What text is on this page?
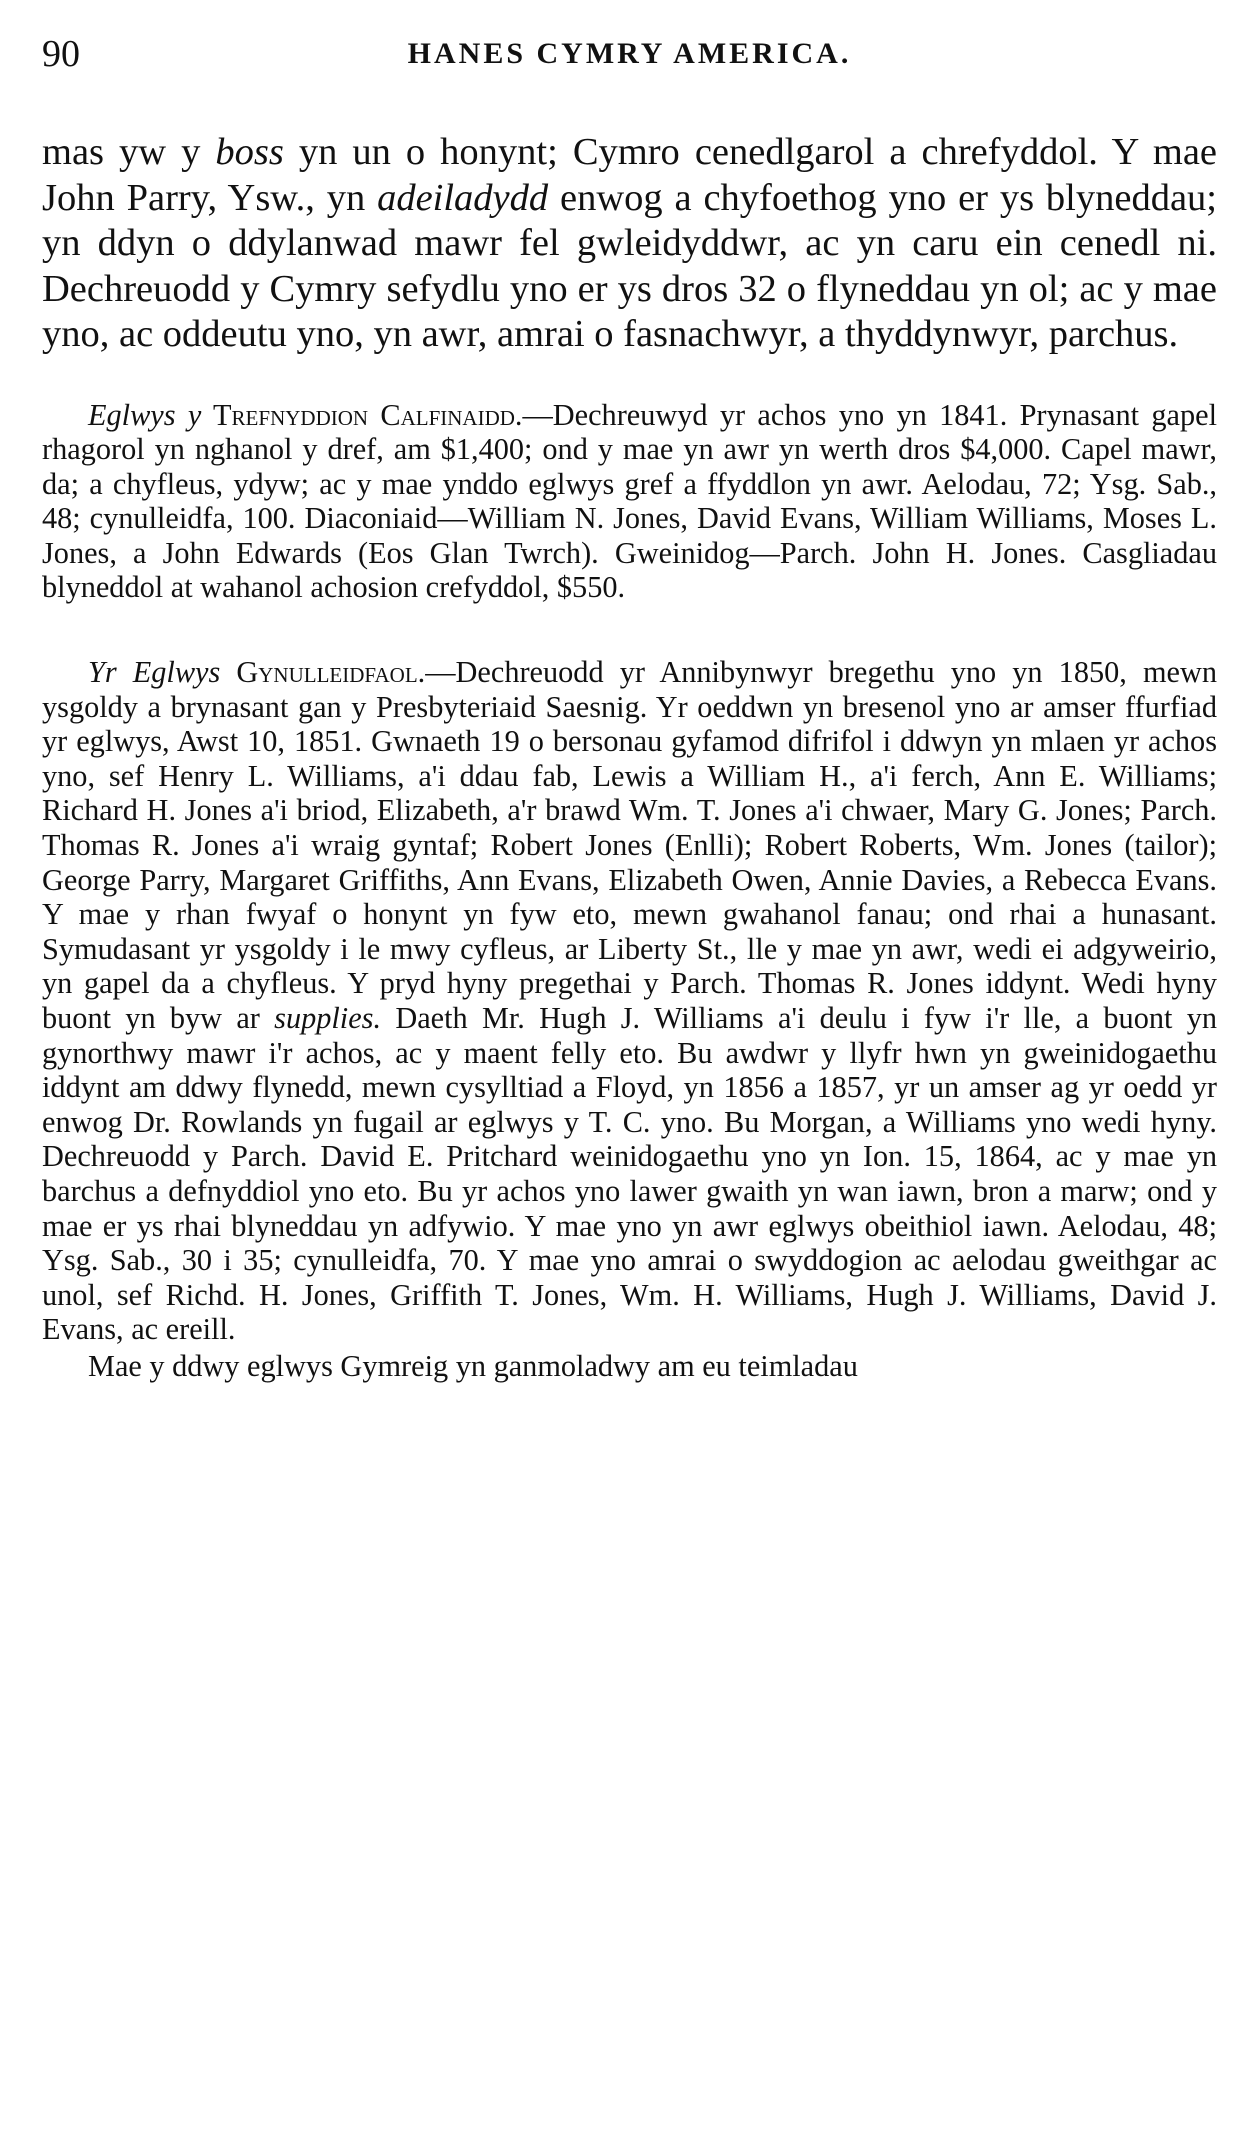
90	HANES CYMRY AMERICA.

mas yw y boss yn un o honynt; Cymro cenedlgarol a chrefyddol. Y mae John Parry, Ysw., yn adeiladydd enwog a chyfoethog yno er ys blyneddau; yn ddyn o ddylanwad mawr fel gwleidyddwr, ac yn caru ein cenedl ni. Dechreuodd y Cymry sefydlu yno er ys dros 32 o flyneddau yn ol; ac y mae yno, ac oddeutu yno, yn awr, amrai o fasnachwyr, a thyddynwyr, parchus.

Eglwys y Trefnyddion Calfinaidd.—Dechreuwyd yr achos yno yn 1841. Prynasant gapel rhagorol yn nghanol y dref, am $1,400; ond y mae yn awr yn werth dros $4,000. Capel mawr, da; a chyfleus, ydyw; ac y mae ynddo eglwys gref a ffyddlon yn awr. Aelodau, 72; Ysg. Sab., 48; cynulleidfa, 100. Diaconiaid—William N. Jones, David Evans, William Williams, Moses L. Jones, a John Edwards (Eos Glan Twrch). Gweinidog—Parch. John H. Jones. Casgliadau blyneddol at wahanol achosion crefyddol, $550.

Yr Eglwys Gynulleidfaol.—Dechreuodd yr Annibynwyr bregethu yno yn 1850, mewn ysgoldy a brynasant gan y Presbyteriaid Saesnig. Yr oeddwn yn bresenol yno ar amser ffurfiad yr eglwys, Awst 10, 1851. Gwnaeth 19 o bersonau gyfamod difrifol i ddwyn yn mlaen yr achos yno, sef Henry L. Williams, a'i ddau fab, Lewis a William H., a'i ferch, Ann E. Williams; Richard H. Jones a'i briod, Elizabeth, a'r brawd Wm. T. Jones a'i chwaer, Mary G. Jones; Parch. Thomas R. Jones a'i wraig gyntaf; Robert Jones (Enlli); Robert Roberts, Wm. Jones (tailor); George Parry, Margaret Griffiths, Ann Evans, Elizabeth Owen, Annie Davies, a Rebecca Evans. Y mae y rhan fwyaf o honynt yn fyw eto, mewn gwahanol fanau; ond rhai a hunasant. Symudasant yr ysgoldy i le mwy cyfleus, ar Liberty St., lle y mae yn awr, wedi ei adgyweirio, yn gapel da a chyfleus. Y pryd hyny pregethai y Parch. Thomas R. Jones iddynt. Wedi hyny buont yn byw ar supplies. Daeth Mr. Hugh J. Williams a'i deulu i fyw i'r lle, a buont yn gynorthwy mawr i'r achos, ac y maent felly eto. Bu awdwr y llyfr hwn yn gweinidogaethu iddynt am ddwy flynedd, mewn cysylltiad a Floyd, yn 1856 a 1857, yr un amser ag yr oedd yr enwog Dr. Rowlands yn fugail ar eglwys y T. C. yno. Bu Morgan, a Williams yno wedi hyny. Dechreuodd y Parch. David E. Pritchard weinidogaethu yno yn Ion. 15, 1864, ac y mae yn barchus a defnyddiol yno eto. Bu yr achos yno lawer gwaith yn wan iawn, bron a marw; ond y mae er ys rhai blyneddau yn adfywio. Y mae yno yn awr eglwys obeithiol iawn. Aelodau, 48; Ysg. Sab., 30 i 35; cynulleidfa, 70. Y mae yno amrai o swyddogion ac aelodau gweithgar ac unol, sef Richd. H. Jones, Griffith T. Jones, Wm. H. Williams, Hugh J. Williams, David J. Evans, ac ereill.

Mae y ddwy eglwys Gymreig yn ganmoladwy am eu teimladau
